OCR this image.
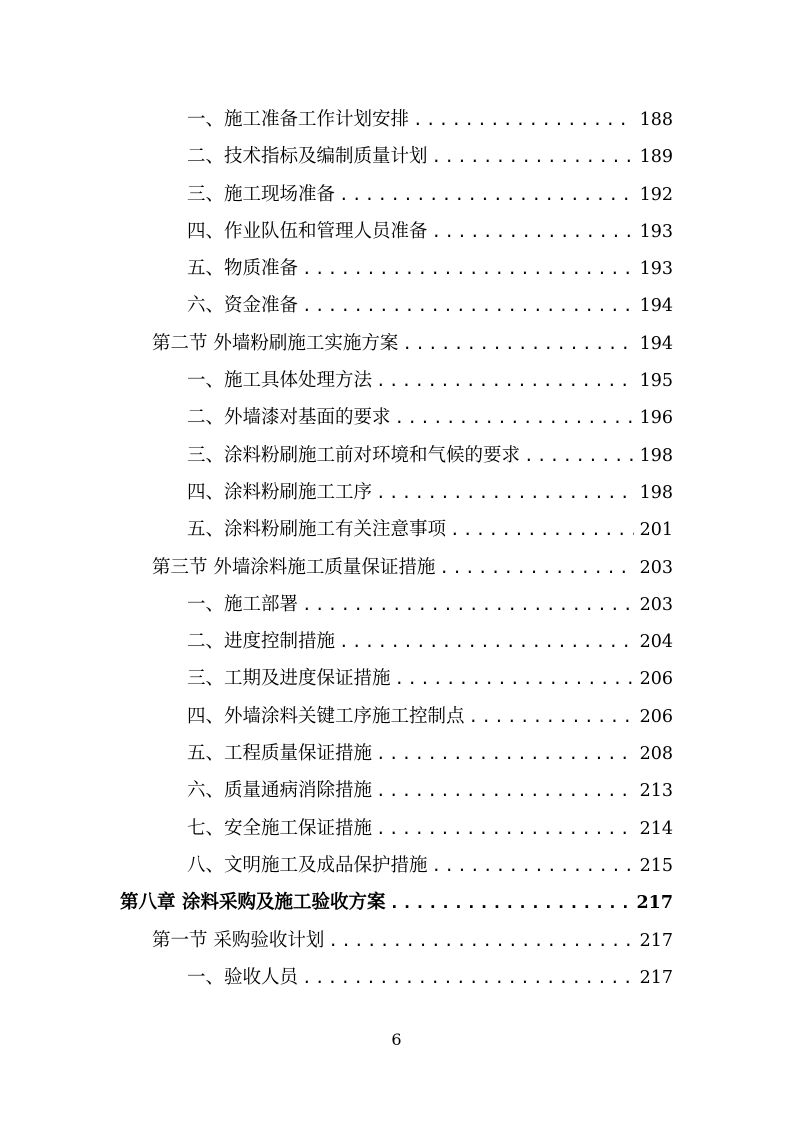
一、施工准备工作计划安排 .....	188
二、技术指标及编制质量计划 .....	189
三、施工现场准备 .....	192
四、作业队伍和管理人员准备 .....	193
五、物质准备 .....	193
六、资金准备 .....	194
第二节 外墙粉刷施工实施方案 .....	194
一、施工具体处理方法 .....	195
二、外墙漆对基面的要求 .....	196
三、涂料粉刷施工前对环境和气候的要求 .....	198
四、涂料粉刷施工工序 .....	198
五、涂料粉刷施工有关注意事项 .....	201
第三节 外墙涂料施工质量保证措施 .....	203
一、施工部署 .....	203
二、进度控制措施 .....	204
三、工期及进度保证措施 .....	206
四、外墙涂料关键工序施工控制点 .....	206
五、工程质量保证措施 .....	208
六、质量通病消除措施 .....	213
七、安全施工保证措施 .....	214
八、文明施工及成品保护措施 .....	215
第八章 涂料采购及施工验收方案 .....	217
第一节 采购验收计划 .....	217
一、验收人员 .....	217
6
